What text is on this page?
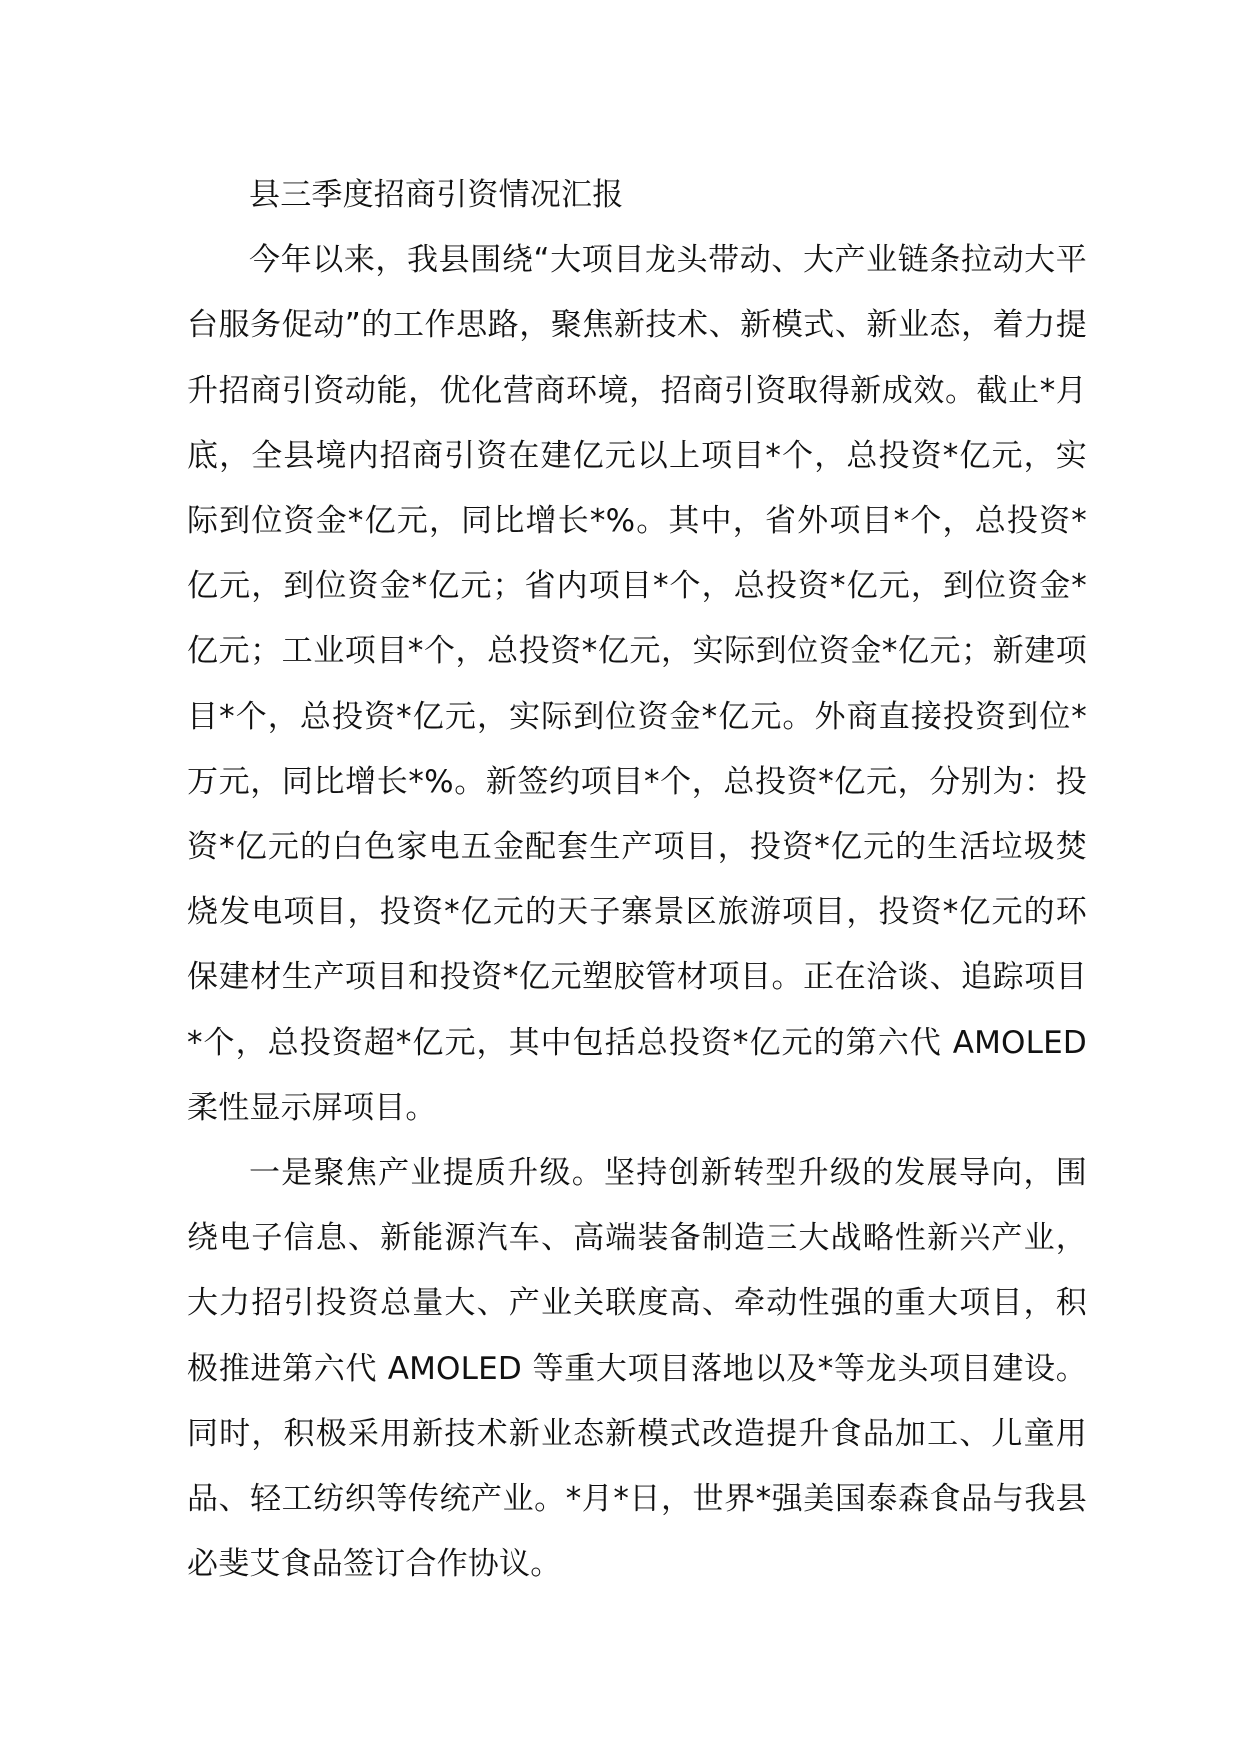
县三季度招商引资情况汇报

今年以来，我县围绕“大项目龙头带动、大产业链条拉动大平台服务促动”的工作思路，聚焦新技术、新模式、新业态，着力提升招商引资动能，优化营商环境，招商引资取得新成效。截止*月底，全县境内招商引资在建亿元以上项目*个，总投资*亿元，实际到位资金*亿元，同比增长*%。其中，省外项目*个，总投资*亿元，到位资金*亿元；省内项目*个，总投资*亿元，到位资金*亿元；工业项目*个，总投资*亿元，实际到位资金*亿元；新建项目*个，总投资*亿元，实际到位资金*亿元。外商直接投资到位*万元，同比增长*%。新签约项目*个，总投资*亿元，分别为：投资*亿元的白色家电五金配套生产项目，投资*亿元的生活垃圾焚烧发电项目，投资*亿元的天子寨景区旅游项目，投资*亿元的环保建材生产项目和投资*亿元塑胶管材项目。正在洽谈、追踪项目*个，总投资超*亿元，其中包括总投资*亿元的第六代 AMOLED 柔性显示屏项目。

一是聚焦产业提质升级。坚持创新转型升级的发展导向，围绕电子信息、新能源汽车、高端装备制造三大战略性新兴产业，大力招引投资总量大、产业关联度高、牵动性强的重大项目，积极推进第六代 AMOLED 等重大项目落地以及*等龙头项目建设。同时，积极采用新技术新业态新模式改造提升食品加工、儿童用品、轻工纺织等传统产业。*月*日，世界*强美国泰森食品与我县必斐艾食品签订合作协议。
